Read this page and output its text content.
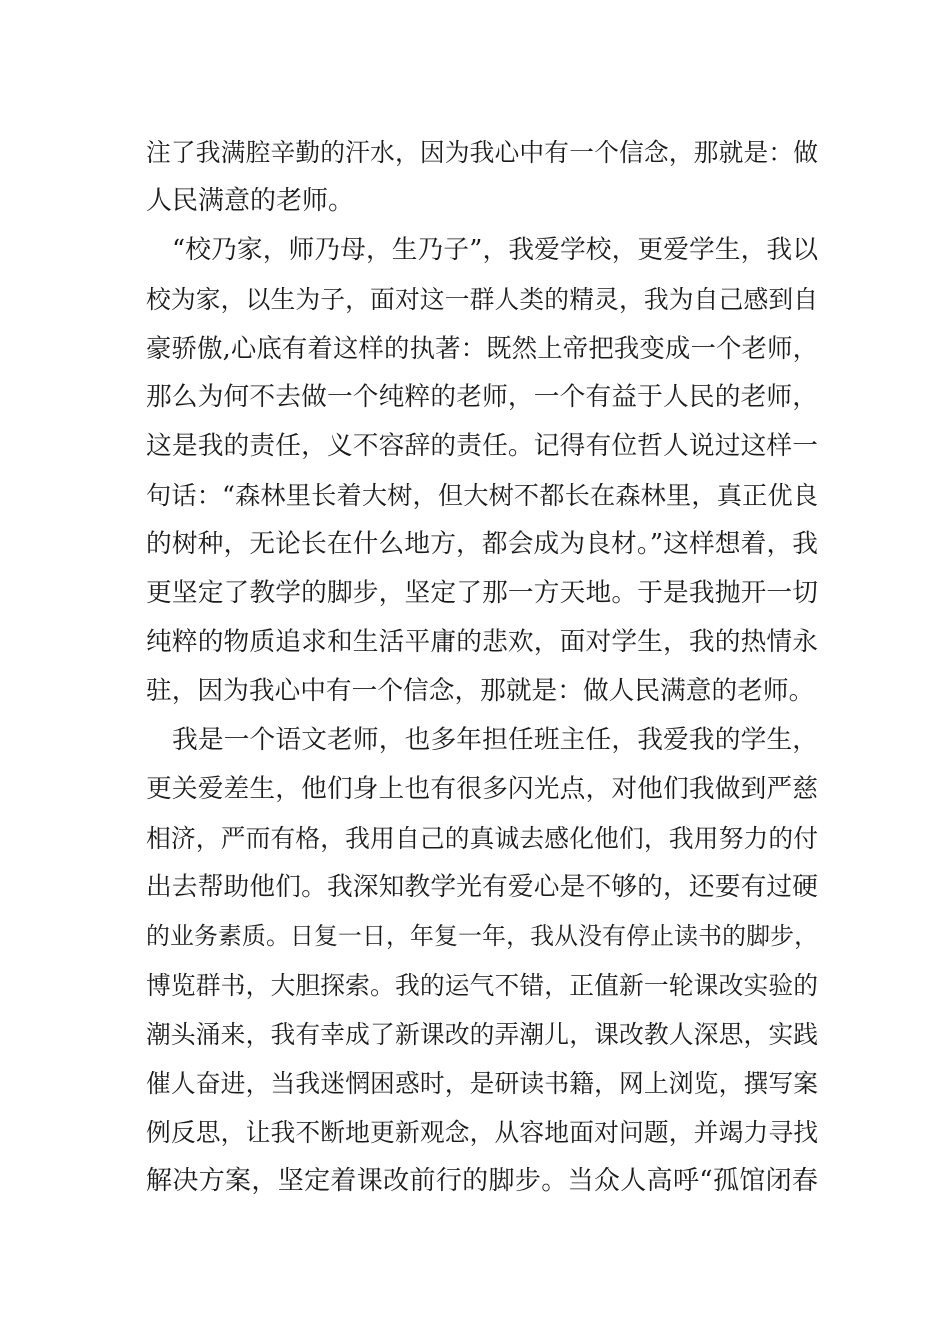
注了我满腔辛勤的汗水，因为我心中有一个信念，那就是：做
人民满意的老师。
“校乃家，师乃母，生乃子”，我爱学校，更爱学生，我以
校为家，以生为子，面对这一群人类的精灵，我为自己感到自
豪骄傲,心底有着这样的执著：既然上帝把我变成一个老师，
那么为何不去做一个纯粹的老师，一个有益于人民的老师，
这是我的责任，义不容辞的责任。记得有位哲人说过这样一
句话：“森林里长着大树，但大树不都长在森林里，真正优良
的树种，无论长在什么地方，都会成为良材。”这样想着，我
更坚定了教学的脚步，坚定了那一方天地。于是我抛开一切
纯粹的物质追求和生活平庸的悲欢，面对学生，我的热情永
驻，因为我心中有一个信念，那就是：做人民满意的老师。
我是一个语文老师，也多年担任班主任，我爱我的学生，
更关爱差生，他们身上也有很多闪光点，对他们我做到严慈
相济，严而有格，我用自己的真诚去感化他们，我用努力的付
出去帮助他们。我深知教学光有爱心是不够的，还要有过硬
的业务素质。日复一日，年复一年，我从没有停止读书的脚步，
博览群书，大胆探索。我的运气不错，正值新一轮课改实验的
潮头涌来，我有幸成了新课改的弄潮儿，课改教人深思，实践
催人奋进，当我迷惘困惑时，是研读书籍，网上浏览，撰写案
例反思，让我不断地更新观念，从容地面对问题，并竭力寻找
解决方案，坚定着课改前行的脚步。当众人高呼“孤馆闭春
